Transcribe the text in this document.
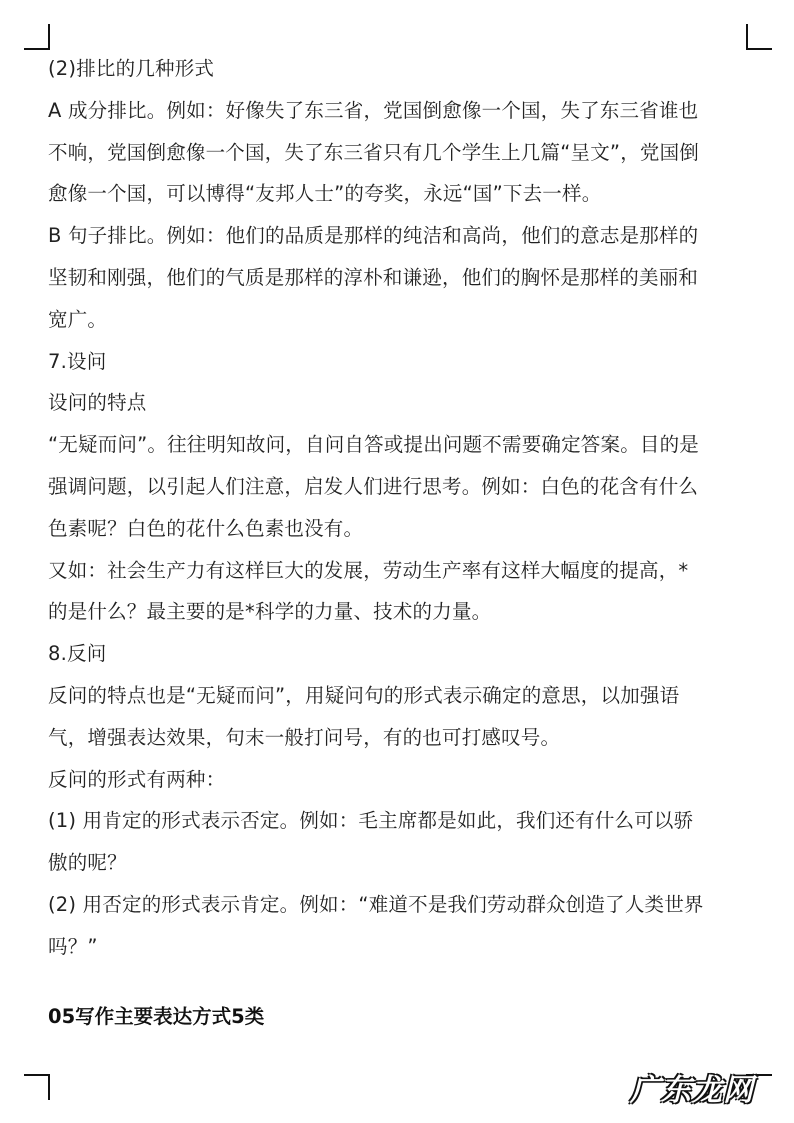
(2)排比的几种形式
A 成分排比。例如：好像失了东三省，党国倒愈像一个国，失了东三省谁也
不响，党国倒愈像一个国，失了东三省只有几个学生上几篇“呈文”，党国倒
愈像一个国，可以博得“友邦人士”的夸奖，永远“国”下去一样。
B 句子排比。例如：他们的品质是那样的纯洁和高尚，他们的意志是那样的
坚韧和刚强，他们的气质是那样的淳朴和谦逊，他们的胸怀是那样的美丽和
宽广。
7.设问
设问的特点
“无疑而问”。往往明知故问，自问自答或提出问题不需要确定答案。目的是
强调问题，以引起人们注意，启发人们进行思考。例如：白色的花含有什么
色素呢？白色的花什么色素也没有。
又如：社会生产力有这样巨大的发展，劳动生产率有这样大幅度的提高，*
的是什么？最主要的是*科学的力量、技术的力量。
8.反问
反问的特点也是“无疑而问”，用疑问句的形式表示确定的意思，以加强语
气，增强表达效果，句末一般打问号，有的也可打感叹号。
反问的形式有两种：
(1) 用肯定的形式表示否定。例如：毛主席都是如此，我们还有什么可以骄
傲的呢？
(2) 用否定的形式表示肯定。例如：“难道不是我们劳动群众创造了人类世界
吗？”
05写作主要表达方式5类
广东龙网
